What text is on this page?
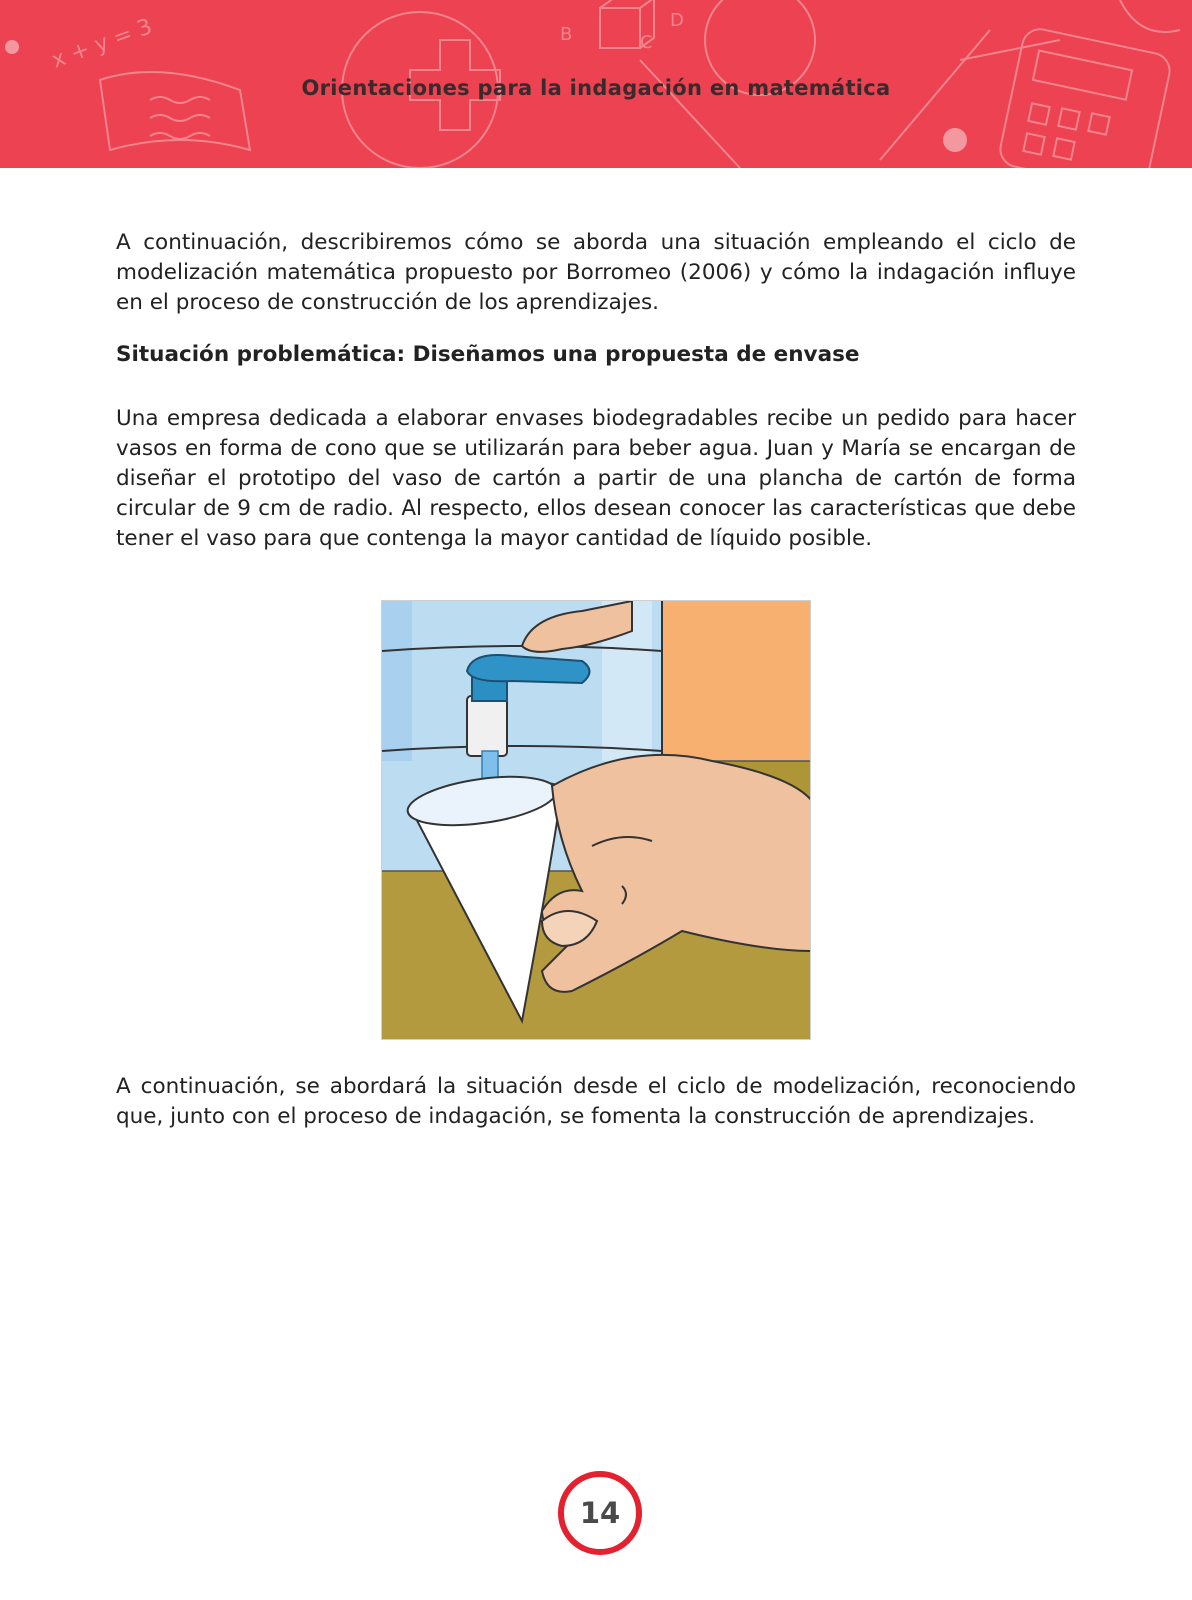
x + y = 3	B
D
C
Orientaciones para la indagación en matemática

A continuación, describiremos cómo se aborda una situación empleando el ciclo de modelización matemática propuesto por Borromeo (2006) y cómo la indagación influye en el proceso de construcción de los aprendizajes.

Situación problemática: Diseñamos una propuesta de envase

Una empresa dedicada a elaborar envases biodegradables recibe un pedido para hacer vasos en forma de cono que se utilizarán para beber agua. Juan y María se encargan de diseñar el prototipo del vaso de cartón a partir de una plancha de cartón de forma circular de 9 cm de radio. Al respecto, ellos desean conocer las características que debe tener el vaso para que contenga la mayor cantidad de líquido posible.

A continuación, se abordará la situación desde el ciclo de modelización, reconociendo que, junto con el proceso de indagación, se fomenta la construcción de aprendizajes.

14
